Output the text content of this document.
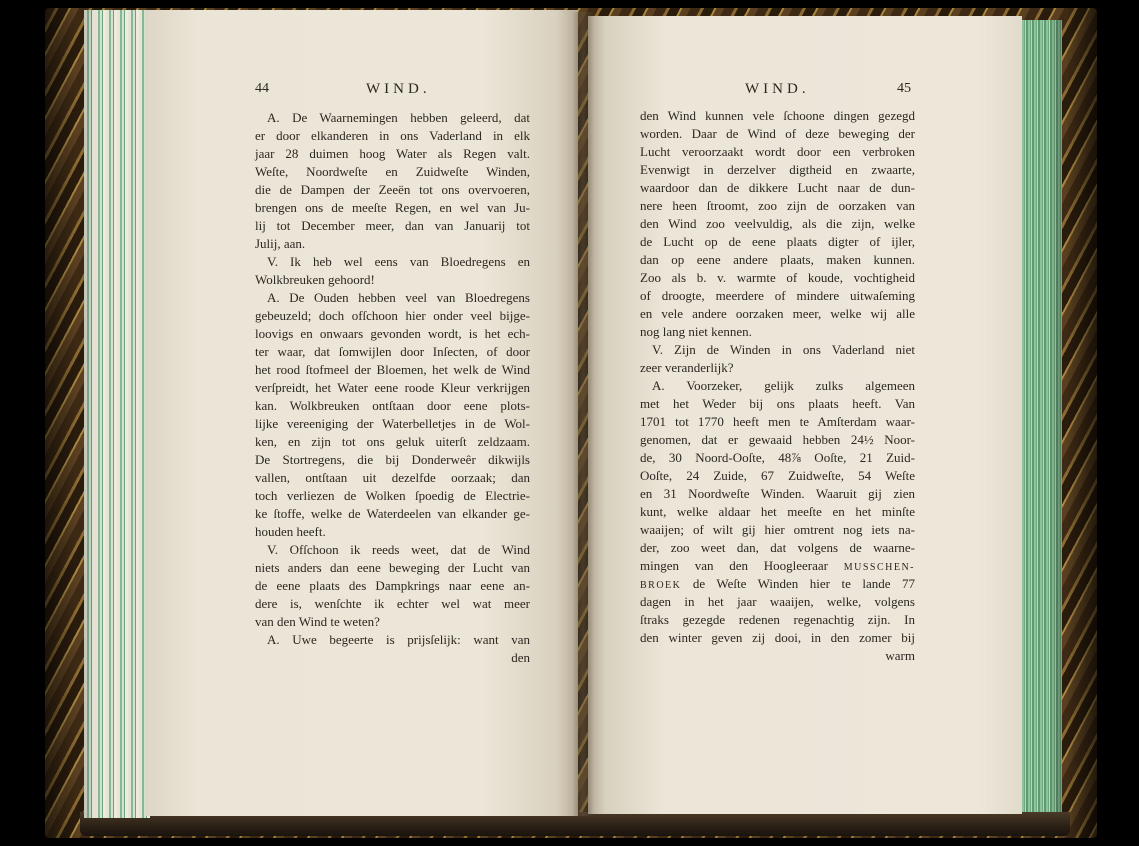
44	WIND.
A. De Waarnemingen hebben geleerd, dat
er door elkanderen in ons Vaderland in elk
jaar 28 duimen hoog Water als Regen valt.
Weſte, Noordweſte en Zuidweſte Winden,
die de Dampen der Zeeën tot ons overvoeren,
brengen ons de meeſte Regen, en wel van Ju-
lij tot December meer, dan van Januarij tot
Julij, aan.
V. Ik heb wel eens van Bloedregens en
Wolkbreuken gehoord!
A. De Ouden hebben veel van Bloedregens
gebeuzeld; doch ofſchoon hier onder veel bijge-
loovigs en onwaars gevonden wordt, is het ech-
ter waar, dat ſomwijlen door Inſecten, of door
het rood ſtofmeel der Bloemen, het welk de Wind
verſpreidt, het Water eene roode Kleur verkrijgen
kan. Wolkbreuken ontſtaan door eene plots-
lijke vereeniging der Waterbelletjes in de Wol-
ken, en zijn tot ons geluk uiterſt zeldzaam.
De Stortregens, die bij Donderweêr dikwijls
vallen, ontſtaan uit dezelfde oorzaak; dan
toch verliezen de Wolken ſpoedig de Electrie-
ke ſtoffe, welke de Waterdeelen van elkander ge-
houden heeft.
V. Ofſchoon ik reeds weet, dat de Wind
niets anders dan eene beweging der Lucht van
de eene plaats des Dampkrings naar eene an-
dere is, wenſchte ik echter wel wat meer
van den Wind te weten?
A. Uwe begeerte is prijsſelijk: want van
den
WIND.	45
den Wind kunnen vele ſchoone dingen gezegd
worden. Daar de Wind of deze beweging der
Lucht veroorzaakt wordt door een verbroken
Evenwigt in derzelver digtheid en zwaarte,
waardoor dan de dikkere Lucht naar de dun-
nere heen ſtroomt, zoo zijn de oorzaken van
den Wind zoo veelvuldig, als die zijn, welke
de Lucht op de eene plaats digter of ijler,
dan op eene andere plaats, maken kunnen.
Zoo als b. v. warmte of koude, vochtigheid
of droogte, meerdere of mindere uitwaſeming
en vele andere oorzaken meer, welke wij alle
nog lang niet kennen.
V. Zijn de Winden in ons Vaderland niet
zeer veranderlijk?
A. Voorzeker, gelijk zulks algemeen
met het Weder bij ons plaats heeft. Van
1701 tot 1770 heeft men te Amſterdam waar-
genomen, dat er gewaaid hebben 24½ Noor-
de, 30 Noord-Ooſte, 48⅞ Ooſte, 21 Zuid-
Ooſte, 24 Zuide, 67 Zuidweſte, 54 Weſte
en 31 Noordweſte Winden. Waaruit gij zien
kunt, welke aldaar het meeſte en het minſte
waaijen; of wilt gij hier omtrent nog iets na-
der, zoo weet dan, dat volgens de waarne-
mingen van den Hoogleeraar MUSSCHEN-
BROEK de Weſte Winden hier te lande 77
dagen in het jaar waaijen, welke, volgens
ſtraks gezegde redenen regenachtig zijn. In
den winter geven zij dooi, in den zomer bij
warm
